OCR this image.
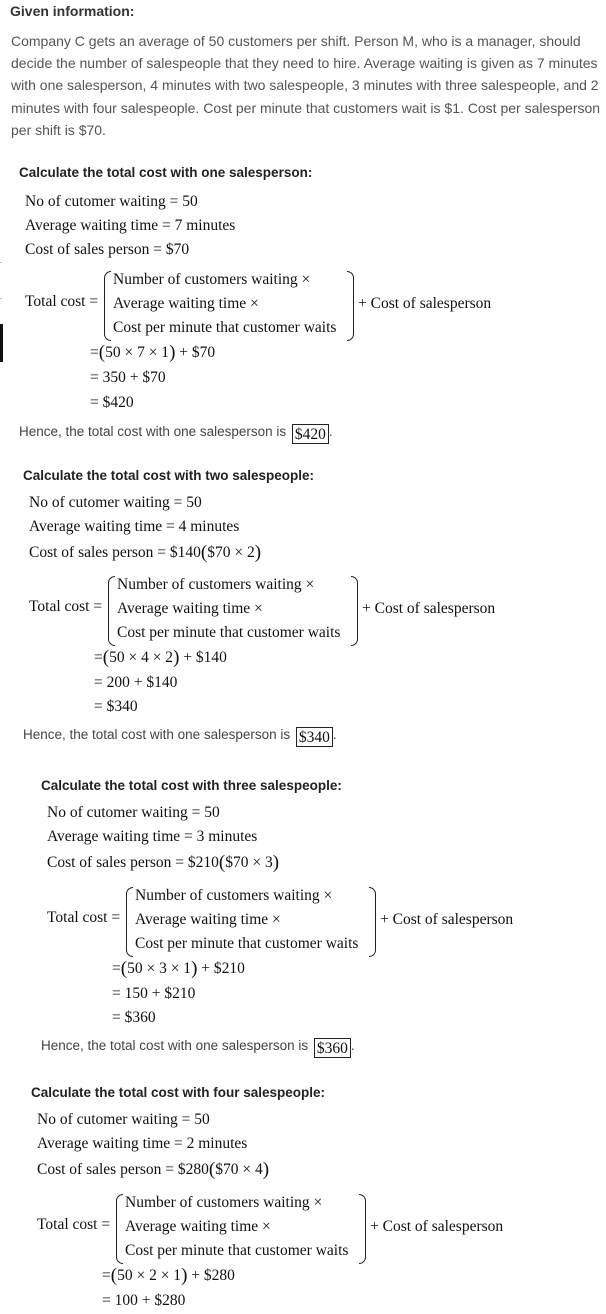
Given information:
Company C gets an average of 50 customers per shift. Person M, who is a manager, should
decide the number of salespeople that they need to hire. Average waiting is given as 7 minutes
with one salesperson, 4 minutes with two salespeople, 3 minutes with three salespeople, and 2
minutes with four salespeople. Cost per minute that customers wait is $1. Cost per salesperson
per shift is $70.
Calculate the total cost with one salesperson:
No of cutomer waiting = 50
Average waiting time = 7 minutes
Cost of sales person = $70
Total cost =
Number of customers waiting ×
Average waiting time ×
Cost per minute that customer waits
+ Cost of salesperson
=(50 × 7 × 1) + $70
= 350 + $70
= $420
Hence, the total cost with one salesperson is $420 .
Calculate the total cost with two salespeople:
No of cutomer waiting = 50
Average waiting time = 4 minutes
Cost of sales person = $140($70 × 2)
Total cost =
Number of customers waiting ×
Average waiting time ×
Cost per minute that customer waits
+ Cost of salesperson
=(50 × 4 × 2) + $140
= 200 + $140
= $340
Hence, the total cost with one salesperson is $340 .
Calculate the total cost with three salespeople:
No of cutomer waiting = 50
Average waiting time = 3 minutes
Cost of sales person = $210($70 × 3)
Total cost =
Number of customers waiting ×
Average waiting time ×
Cost per minute that customer waits
+ Cost of salesperson
=(50 × 3 × 1) + $210
= 150 + $210
= $360
Hence, the total cost with one salesperson is $360 .
Calculate the total cost with four salespeople:
No of cutomer waiting = 50
Average waiting time = 2 minutes
Cost of sales person = $280($70 × 4)
Total cost =
Number of customers waiting ×
Average waiting time ×
Cost per minute that customer waits
+ Cost of salesperson
=(50 × 2 × 1) + $280
= 100 + $280
